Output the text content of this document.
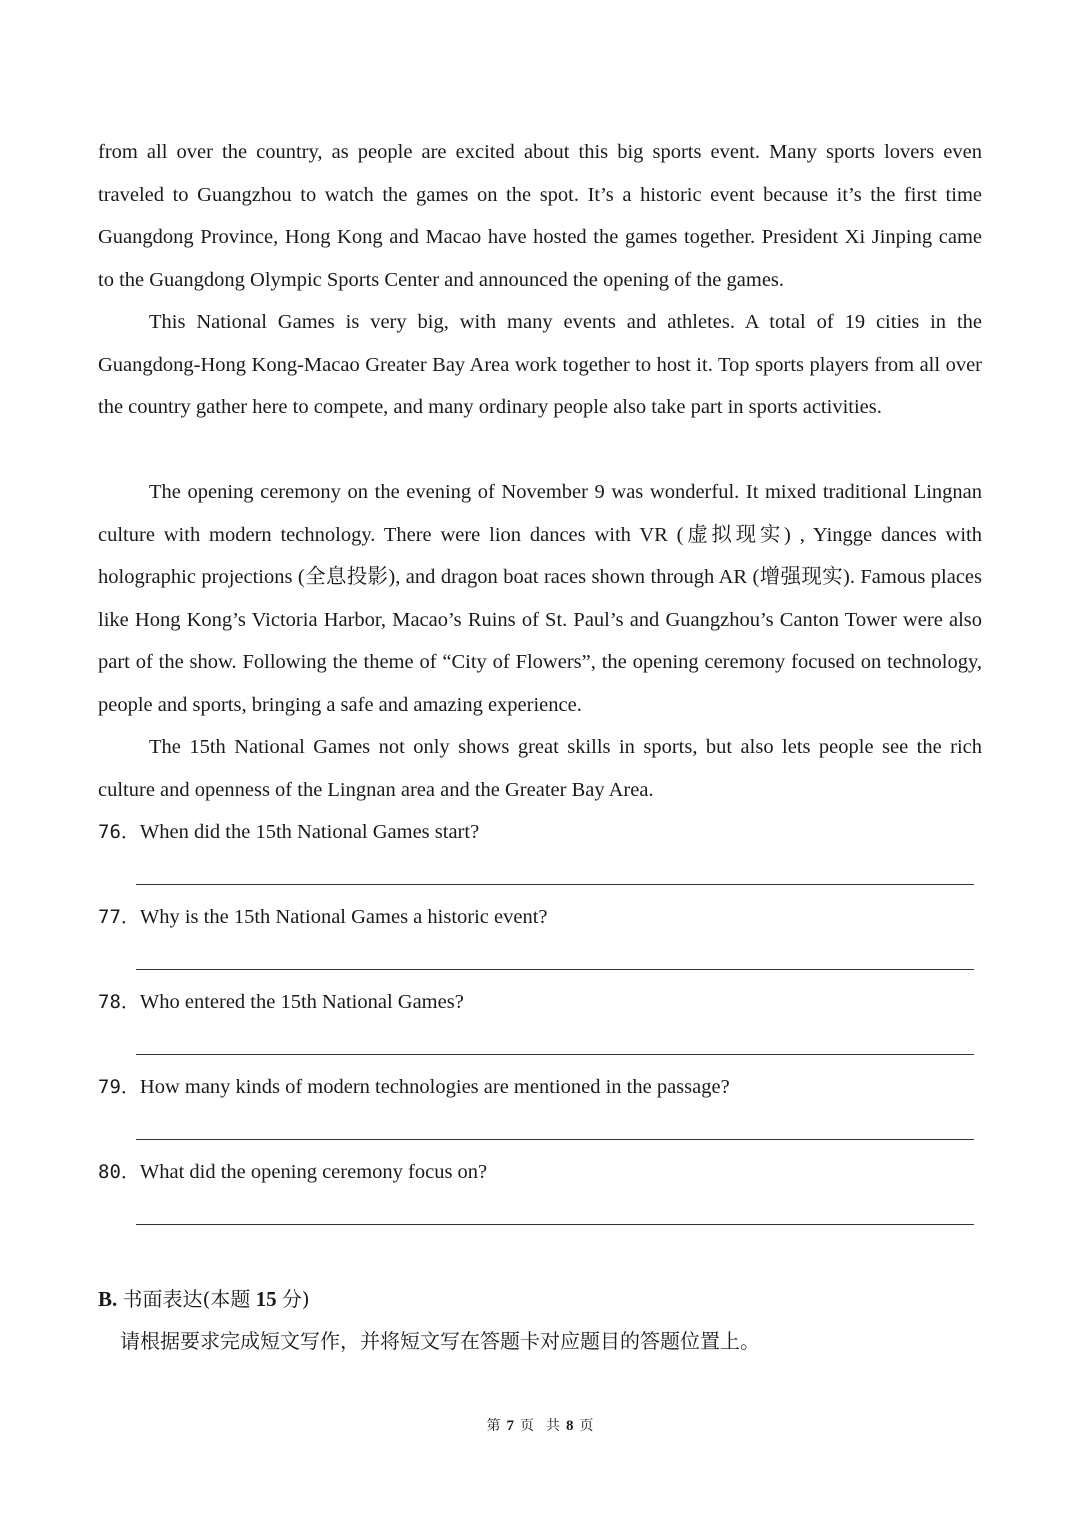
from all over the country, as people are excited about this big sports event. Many sports lovers even traveled to Guangzhou to watch the games on the spot. It’s a historic event because it’s the first time Guangdong Province, Hong Kong and Macao have hosted the games together. President Xi Jinping came to the Guangdong Olympic Sports Center and announced the opening of the games.

This National Games is very big, with many events and athletes. A total of 19 cities in the Guangdong-Hong Kong-Macao Greater Bay Area work together to host it. Top sports players from all over the country gather here to compete, and many ordinary people also take part in sports activities.

The opening ceremony on the evening of November 9 was wonderful. It mixed traditional Lingnan culture with modern technology. There were lion dances with VR (虚拟现实) , Yingge dances with holographic projections (全息投影), and dragon boat races shown through AR (增强现实). Famous places like Hong Kong’s Victoria Harbor, Macao’s Ruins of St. Paul’s and Guangzhou’s Canton Tower were also part of the show. Following the theme of “City of Flowers”, the opening ceremony focused on technology, people and sports, bringing a safe and amazing experience.

The 15th National Games not only shows great skills in sports, but also lets people see the rich culture and openness of the Lingnan area and the Greater Bay Area.

76．When did the 15th National Games start?
77．Why is the 15th National Games a historic event?
78．Who entered the 15th National Games?
79．How many kinds of modern technologies are mentioned in the passage?
80．What did the opening ceremony focus on?
B. 书面表达(本题 15 分)
请根据要求完成短文写作，并将短文写在答题卡对应题目的答题位置上。
第 7 页 共 8 页
